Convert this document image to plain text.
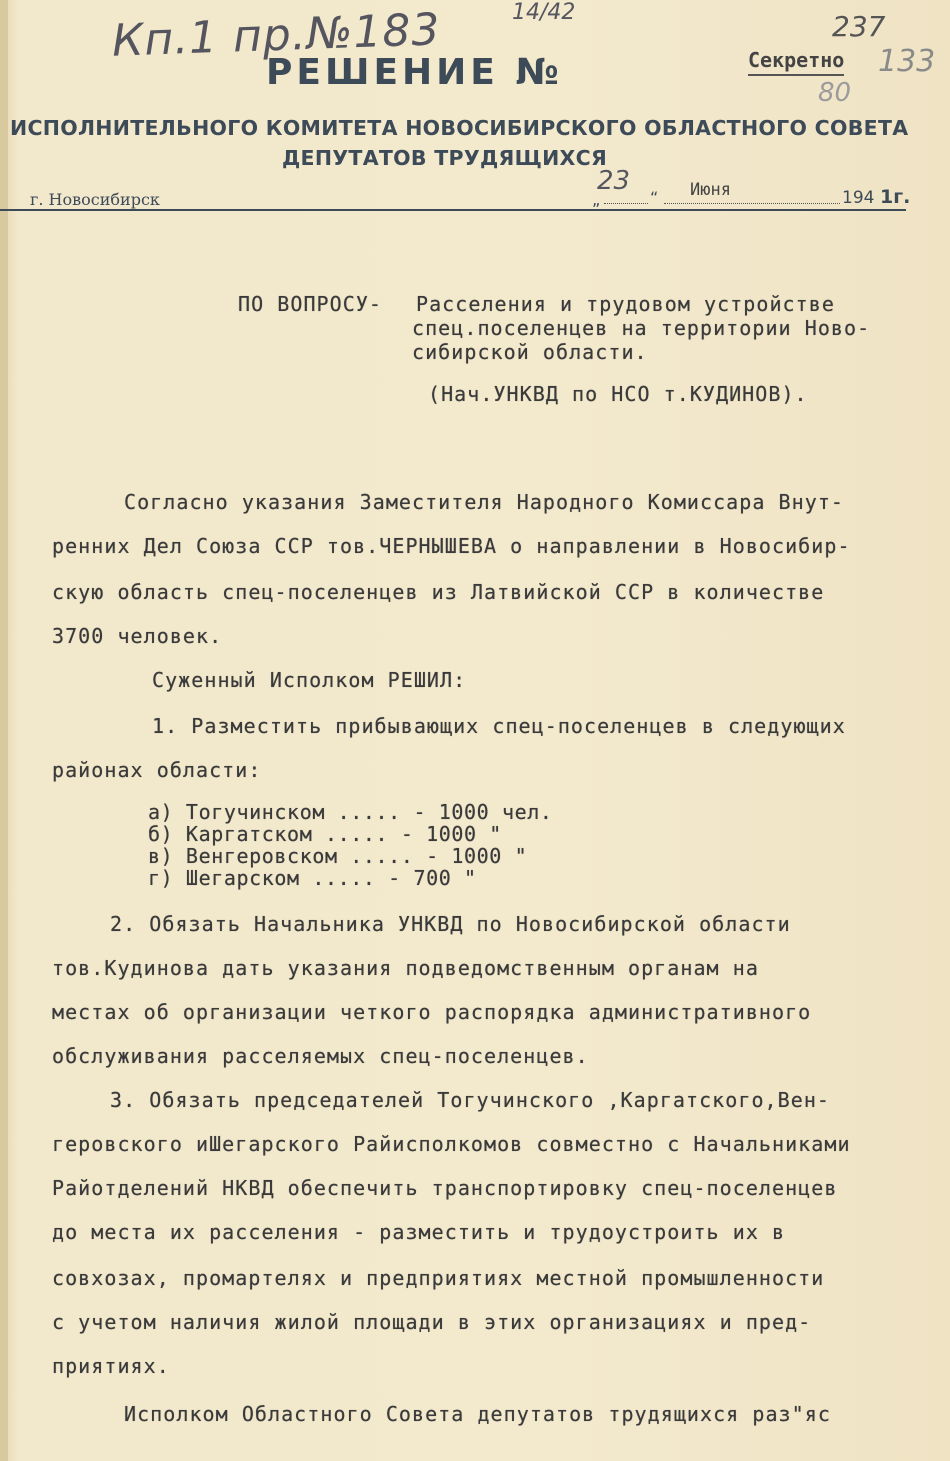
Кп.1 пр.№183	14/42	237
133
80
РЕШЕНИЕ №	Секретно
ИСПОЛНИТЕЛЬНОГО КОМИТЕТА НОВОСИБИРСКОГО ОБЛАСТНОГО СОВЕТА
ДЕПУТАТОВ ТРУДЯЩИХСЯ
г. Новосибирск	„
23
“ Июня	194 1г.
ПО ВОПРОСУ- Расселения и трудовом устройстве
спец.поселенцев на территории Ново-
сибирской области.
(Нач.УНКВД по НСО т.КУДИНОВ).
Согласно указания Заместителя Народного Комиссара Внут-
ренних Дел Союза ССР тов.ЧЕРНЫШЕВА о направлении в Новосибир-
скую область спец-поселенцев из Латвийской ССР в количестве
3700 человек.
Суженный Исполком РЕШИЛ:
1. Разместить прибывающих спец-поселенцев в следующих
районах области:
а) Тогучинском ..... - 1000 чел.
б) Каргатском ..... - 1000 "
в) Венгеровском ..... - 1000 "
г) Шегарском ..... - 700 "
2. Обязать Начальника УНКВД по Новосибирской области
тов.Кудинова дать указания подведомственным органам на
местах об организации четкого распорядка административного
обслуживания расселяемых спец-поселенцев.
3. Обязать председателей Тогучинского ,Каргатского,Вен-
геровского иШегарского Райисполкомов совместно с Начальниками
Райотделений НКВД обеспечить транспортировку спец-поселенцев
до места их расселения - разместить и трудоустроить их в
совхозах, промартелях и предприятиях местной промышленности
с учетом наличия жилой площади в этих организациях и пред-
приятиях.
Исполком Областного Совета депутатов трудящихся раз"яс
